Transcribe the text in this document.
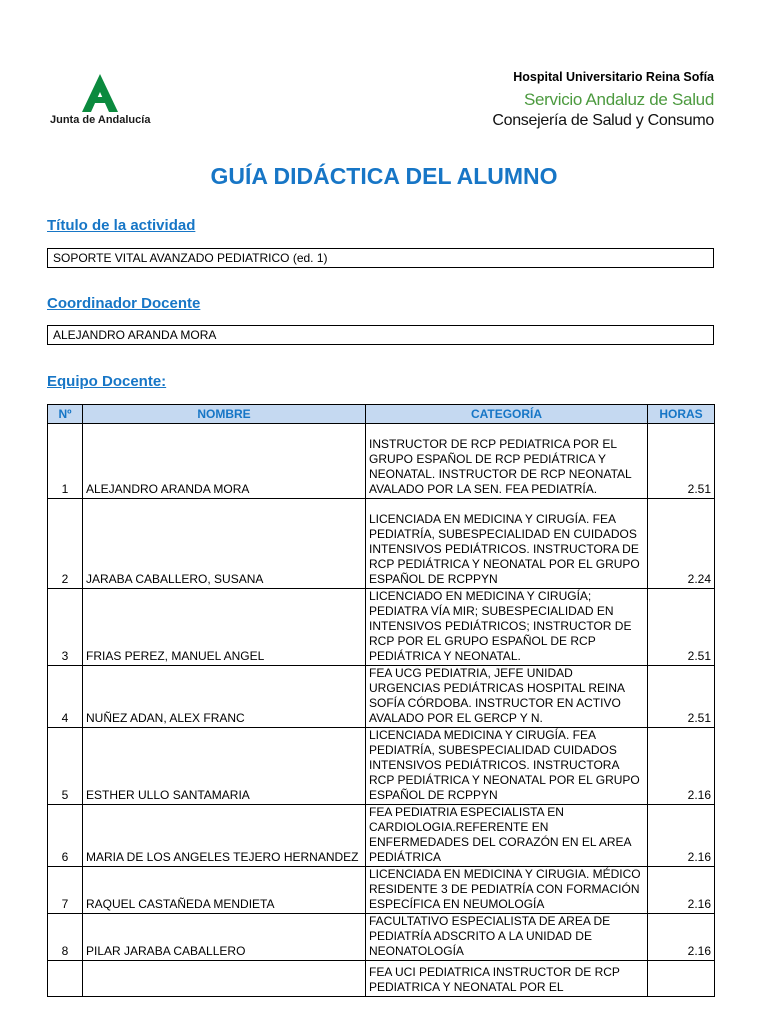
Junta de Andalucía
Hospital Universitario Reina Sofía
Servicio Andaluz de Salud
Consejería de Salud y Consumo
GUÍA DIDÁCTICA DEL ALUMNO
Título de la actividad
SOPORTE VITAL AVANZADO PEDIATRICO (ed. 1)
Coordinador Docente
ALEJANDRO ARANDA MORA
Equipo Docente:
Nº	NOMBRE	CATEGORÍA	HORAS
1	ALEJANDRO ARANDA MORA	INSTRUCTOR DE RCP PEDIATRICA POR EL GRUPO ESPAÑOL DE RCP PEDIÁTRICA Y NEONATAL. INSTRUCTOR DE RCP NEONATAL AVALADO POR LA SEN. FEA PEDIATRÍA.	2.51
2	JARABA CABALLERO, SUSANA	LICENCIADA EN MEDICINA Y CIRUGÍA. FEA PEDIATRÍA, SUBESPECIALIDAD EN CUIDADOS INTENSIVOS PEDIÁTRICOS. INSTRUCTORA DE RCP PEDIÁTRICA Y NEONATAL POR EL GRUPO ESPAÑOL DE RCPPYN	2.24
3	FRIAS PEREZ, MANUEL ANGEL	LICENCIADO EN MEDICINA Y CIRUGÍA; PEDIATRA VÍA MIR; SUBESPECIALIDAD EN INTENSIVOS PEDIÁTRICOS; INSTRUCTOR DE RCP POR EL GRUPO ESPAÑOL DE RCP PEDIÁTRICA Y NEONATAL.	2.51
4	NUÑEZ ADAN, ALEX FRANC	FEA UCG PEDIATRIA, JEFE UNIDAD URGENCIAS PEDIÁTRICAS HOSPITAL REINA SOFÍA CÓRDOBA. INSTRUCTOR EN ACTIVO AVALADO POR EL GERCP Y N.	2.51
5	ESTHER ULLO SANTAMARIA	LICENCIADA MEDICINA Y CIRUGÍA. FEA PEDIATRÍA, SUBESPECIALIDAD CUIDADOS INTENSIVOS PEDIÁTRICOS. INSTRUCTORA RCP PEDIÁTRICA Y NEONATAL POR EL GRUPO ESPAÑOL DE RCPPYN	2.16
6	MARIA DE LOS ANGELES TEJERO HERNANDEZ	FEA PEDIATRIA ESPECIALISTA EN CARDIOLOGIA.REFERENTE EN ENFERMEDADES DEL CORAZÓN EN EL AREA PEDIÁTRICA	2.16
7	RAQUEL CASTAÑEDA MENDIETA	LICENCIADA EN MEDICINA Y CIRUGIA. MÉDICO RESIDENTE 3 DE PEDIATRÍA CON FORMACIÓN ESPECÍFICA EN NEUMOLOGÍA	2.16
8	PILAR JARABA CABALLERO	FACULTATIVO ESPECIALISTA DE AREA DE PEDIATRÍA ADSCRITO A LA UNIDAD DE NEONATOLOGÍA	2.16
		FEA UCI PEDIATRICA INSTRUCTOR DE RCP PEDIATRICA Y NEONATAL POR EL	
